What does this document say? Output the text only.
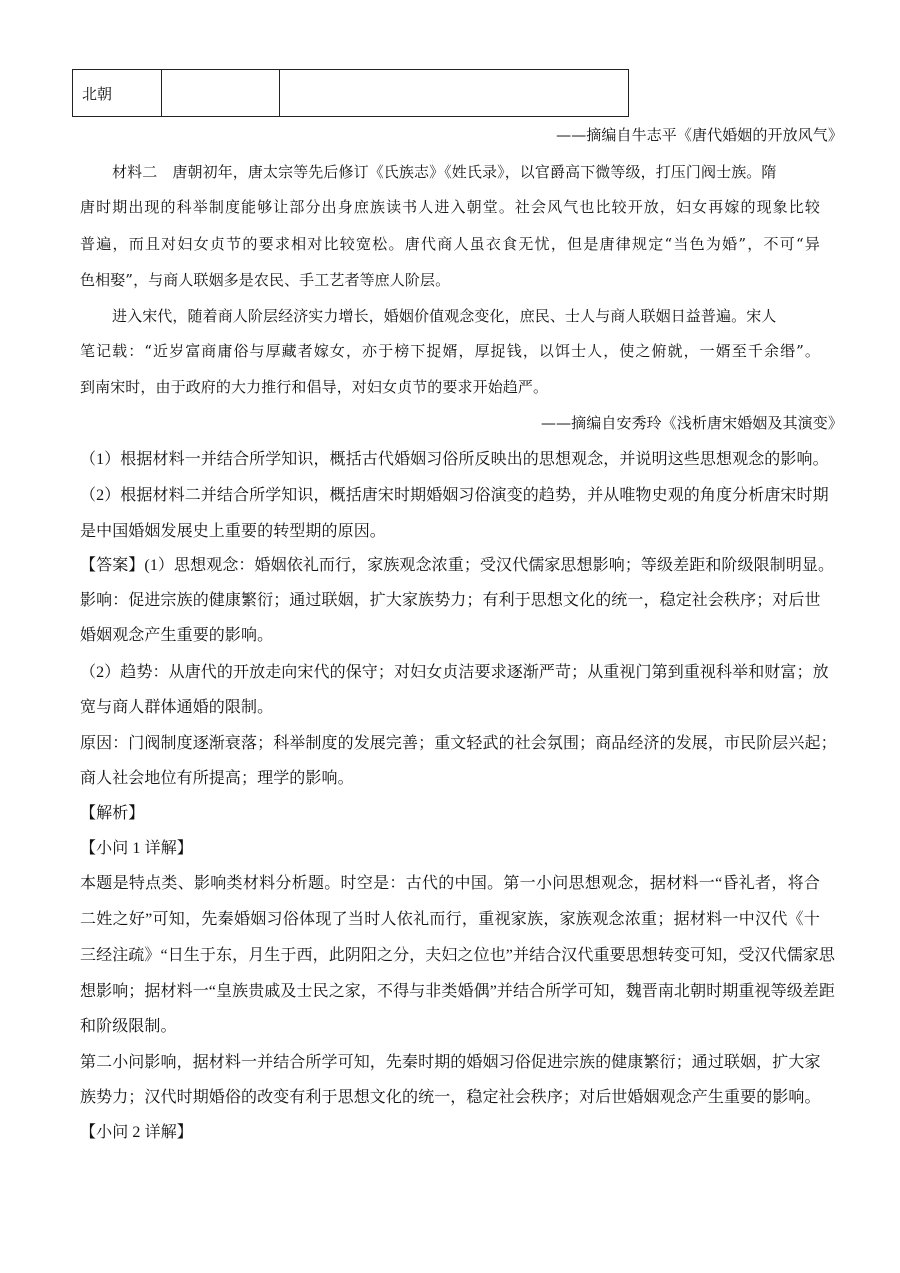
北朝		
——摘编自牛志平《唐代婚姻的开放风气》
材料二　唐朝初年，唐太宗等先后修订《氏族志》《姓氏录》，以官爵高下微等级，打压门阀士族。隋
唐时期出现的科举制度能够让部分出身庶族读书人进入朝堂。社会风气也比较开放，妇女再嫁的现象比较
普遍，而且对妇女贞节的要求相对比较宽松。唐代商人虽衣食无忧，但是唐律规定“当色为婚”，不可“异
色相娶”，与商人联姻多是农民、手工艺者等庶人阶层。
进入宋代，随着商人阶层经济实力增长，婚姻价值观念变化，庶民、士人与商人联姻日益普遍。宋人
笔记载：“近岁富商庸俗与厚藏者嫁女，亦于榜下捉婿，厚捉钱，以饵士人，使之俯就，一婿至千余缗”。
到南宋时，由于政府的大力推行和倡导，对妇女贞节的要求开始趋严。
——摘编自安秀玲《浅析唐宋婚姻及其演变》
（1）根据材料一并结合所学知识，概括古代婚姻习俗所反映出的思想观念，并说明这些思想观念的影响。
（2）根据材料二并结合所学知识，概括唐宋时期婚姻习俗演变的趋势，并从唯物史观的角度分析唐宋时期
是中国婚姻发展史上重要的转型期的原因。
【答案】(1）思想观念：婚姻依礼而行，家族观念浓重；受汉代儒家思想影响；等级差距和阶级限制明显。
影响：促进宗族的健康繁衍；通过联姻，扩大家族势力；有利于思想文化的统一，稳定社会秩序；对后世
婚姻观念产生重要的影响。
（2）趋势：从唐代的开放走向宋代的保守；对妇女贞洁要求逐渐严苛；从重视门第到重视科举和财富；放
宽与商人群体通婚的限制。
原因：门阀制度逐渐衰落；科举制度的发展完善；重文轻武的社会氛围；商品经济的发展，市民阶层兴起；
商人社会地位有所提高；理学的影响。
【解析】
【小问 1 详解】
本题是特点类、影响类材料分析题。时空是：古代的中国。第一小问思想观念，据材料一“昏礼者，将合
二姓之好”可知，先秦婚姻习俗体现了当时人依礼而行，重视家族，家族观念浓重；据材料一中汉代《十
三经注疏》“日生于东，月生于西，此阴阳之分，夫妇之位也”并结合汉代重要思想转变可知，受汉代儒家思
想影响；据材料一“皇族贵戚及士民之家，不得与非类婚偶”并结合所学可知，魏晋南北朝时期重视等级差距
和阶级限制。
第二小问影响，据材料一并结合所学可知，先秦时期的婚姻习俗促进宗族的健康繁衍；通过联姻，扩大家
族势力；汉代时期婚俗的改变有利于思想文化的统一，稳定社会秩序；对后世婚姻观念产生重要的影响。
【小问 2 详解】
